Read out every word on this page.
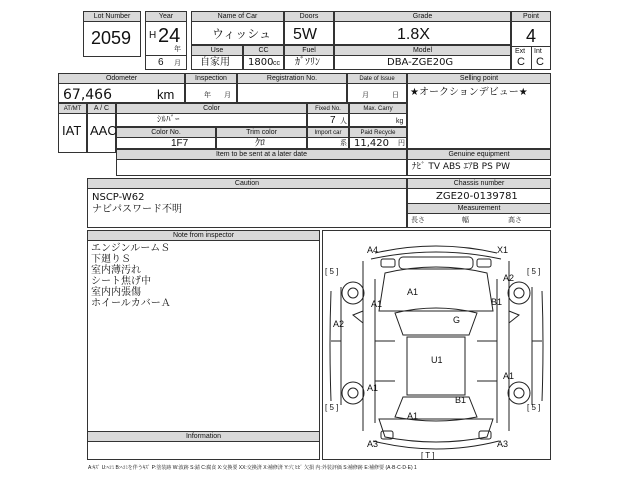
Lot Number
2059
Year
H 24
年
6 月
Name of Car
ウィッシュ
Doors
5W
Grade
1.8X
Point
4
Ext Int
C C
Use
自家用
CC
1800 cc
Fuel
ｶﾞｿﾘﾝ
Model
DBA-ZGE20G
Odometer
67,466	km
Inspection
年 月
Registration No.	Date of Issue
月	日
Selling point
★オークションデビュー★
AT/MT
IAT
A / C
AAC
Color
ｼﾙﾊﾞｰ
Fixed No.
7 人
Max. Carry
kg
Color No.
1F7
Trim color
ｸﾛ
Import car
系
Paid Recycle
11,420 円
Item to be sent at a later date	Genuine equipment
ﾅﾋﾞ TV ABS ｴｱB PS PW
Caution
NSCP-W62
ナビパスワード不明
Chassis number
ZGE20-0139781
Measurement
長さ	幅	高さ
Note from inspector
エンジンルームＳ
下廻りＳ
室内薄汚れ
シート焦げ中
室内内張傷
ホイールカバーＡ
Information
A4	X1
A2
A1
B1
A1
A2	G
U1
A1
B1
A1
A3	A3
A1
[ 5 ]	[ 5 ]
[ 5 ]	[ 5 ]
[ T ]
A:ｷｽﾞ U:ﾍｺﾐ B:ﾍｺﾐを伴うｷｽﾞ P:塗装跡 W:波跡 S:錆 C:腐食 X:交換要 XX:交換済 X:補修済 Y:穴 ﾋﾋﾞ 欠損 内:外装評価 S:補修跡 E:補修要 (A·B·C·D·E) 1
